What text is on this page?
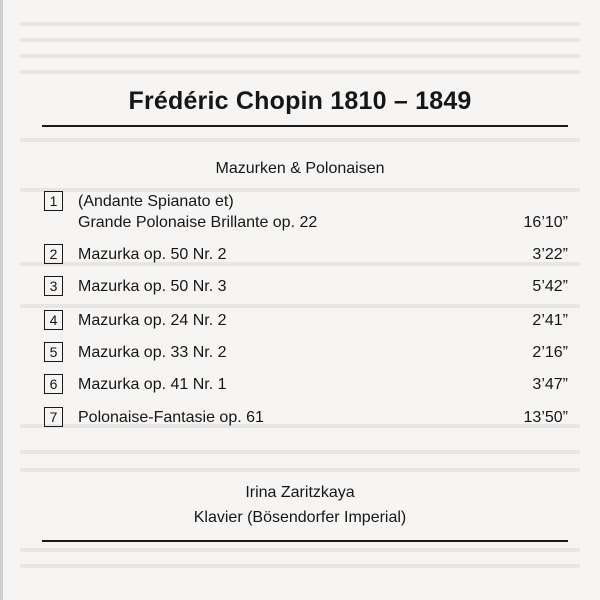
Frédéric Chopin 1810 – 1849
Mazurken & Polonaisen
1	(Andante Spianato et)
Grande Polonaise Brillante op. 22	16’10”
2	Mazurka op. 50 Nr. 2	3’22”
3	Mazurka op. 50 Nr. 3	5’42”
4	Mazurka op. 24 Nr. 2	2’41”
5	Mazurka op. 33 Nr. 2	2’16”
6	Mazurka op. 41 Nr. 1	3’47”
7	Polonaise-Fantasie op. 61	13’50”
Irina Zaritzkaya
Klavier (Bösendorfer Imperial)
